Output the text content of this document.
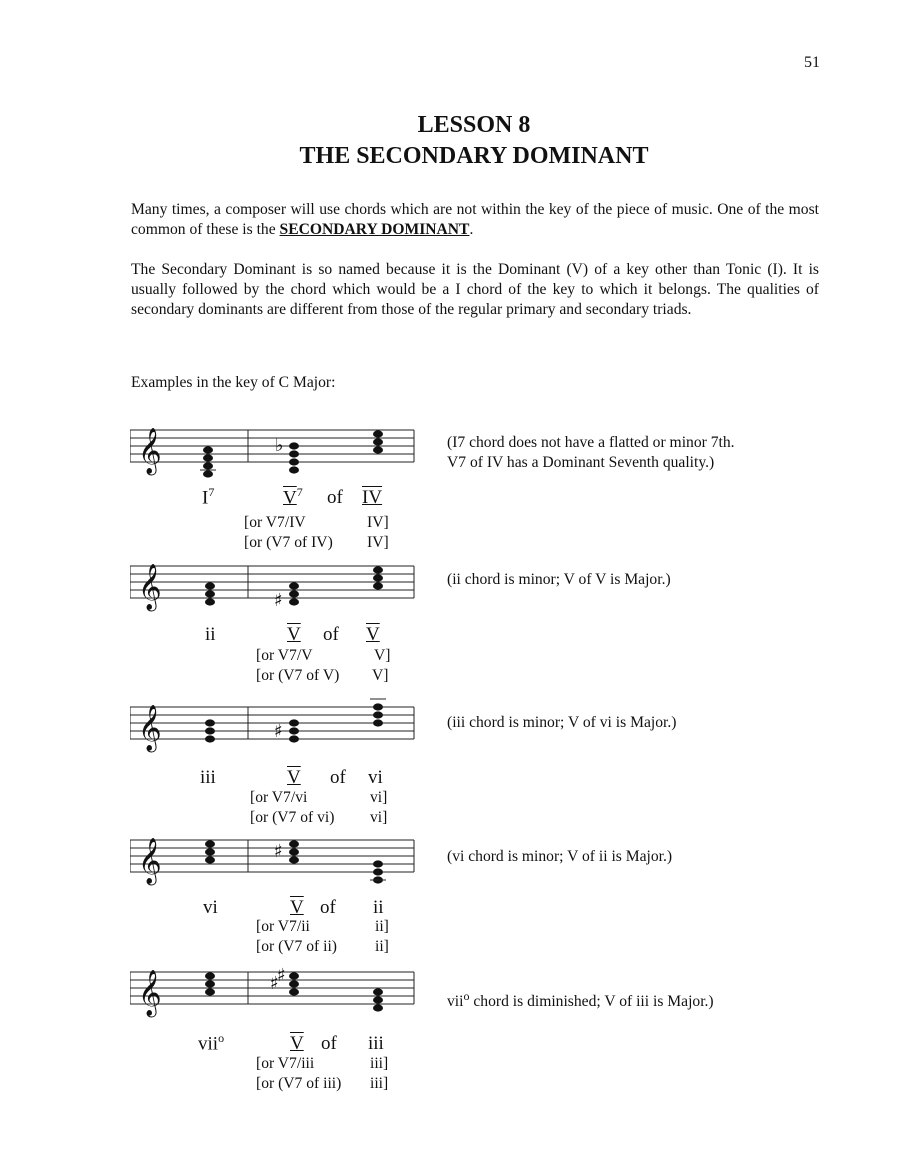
51
LESSON 8
THE SECONDARY DOMINANT
Many times, a composer will use chords which are not within the key of the piece of music. One of the most common of these is the SECONDARY DOMINANT.
The Secondary Dominant is so named because it is the Dominant (V) of a key other than Tonic (I). It is usually followed by the chord which would be a I chord of the key to which it belongs. The qualities of secondary dominants are different from those of the regular primary and secondary triads.
Examples in the key of C Major:
𝄞	♭	(I7 chord does not have a flatted or minor 7th.
V7 of IV has a Dominant Seventh quality.)
$I^7$	$V^7$ of IV
[or V7/IV	IV]
[or (V7 of IV) IV]
𝄞	♯
(ii chord is minor; V of V is Major.)
ii	V of V
[or V7/V	V]
[or (V7 of V) V]
𝄞	♯	(iii chord is minor; V of vi is Major.)
iii	V of vi
[or V7/vi	vi]
[or (V7 of vi) vi]
𝄞	♯	(vi chord is minor; V of ii is Major.)
vi	V of ii
[or V7/ii	ii]
[or (V7 of ii) ii]
𝄞	♯
♯
vii$^o$ chord is diminished; V of iii is Major.)
vii$^o$	V of iii
[or V7/iii	iii]
[or (V7 of iii) iii]
